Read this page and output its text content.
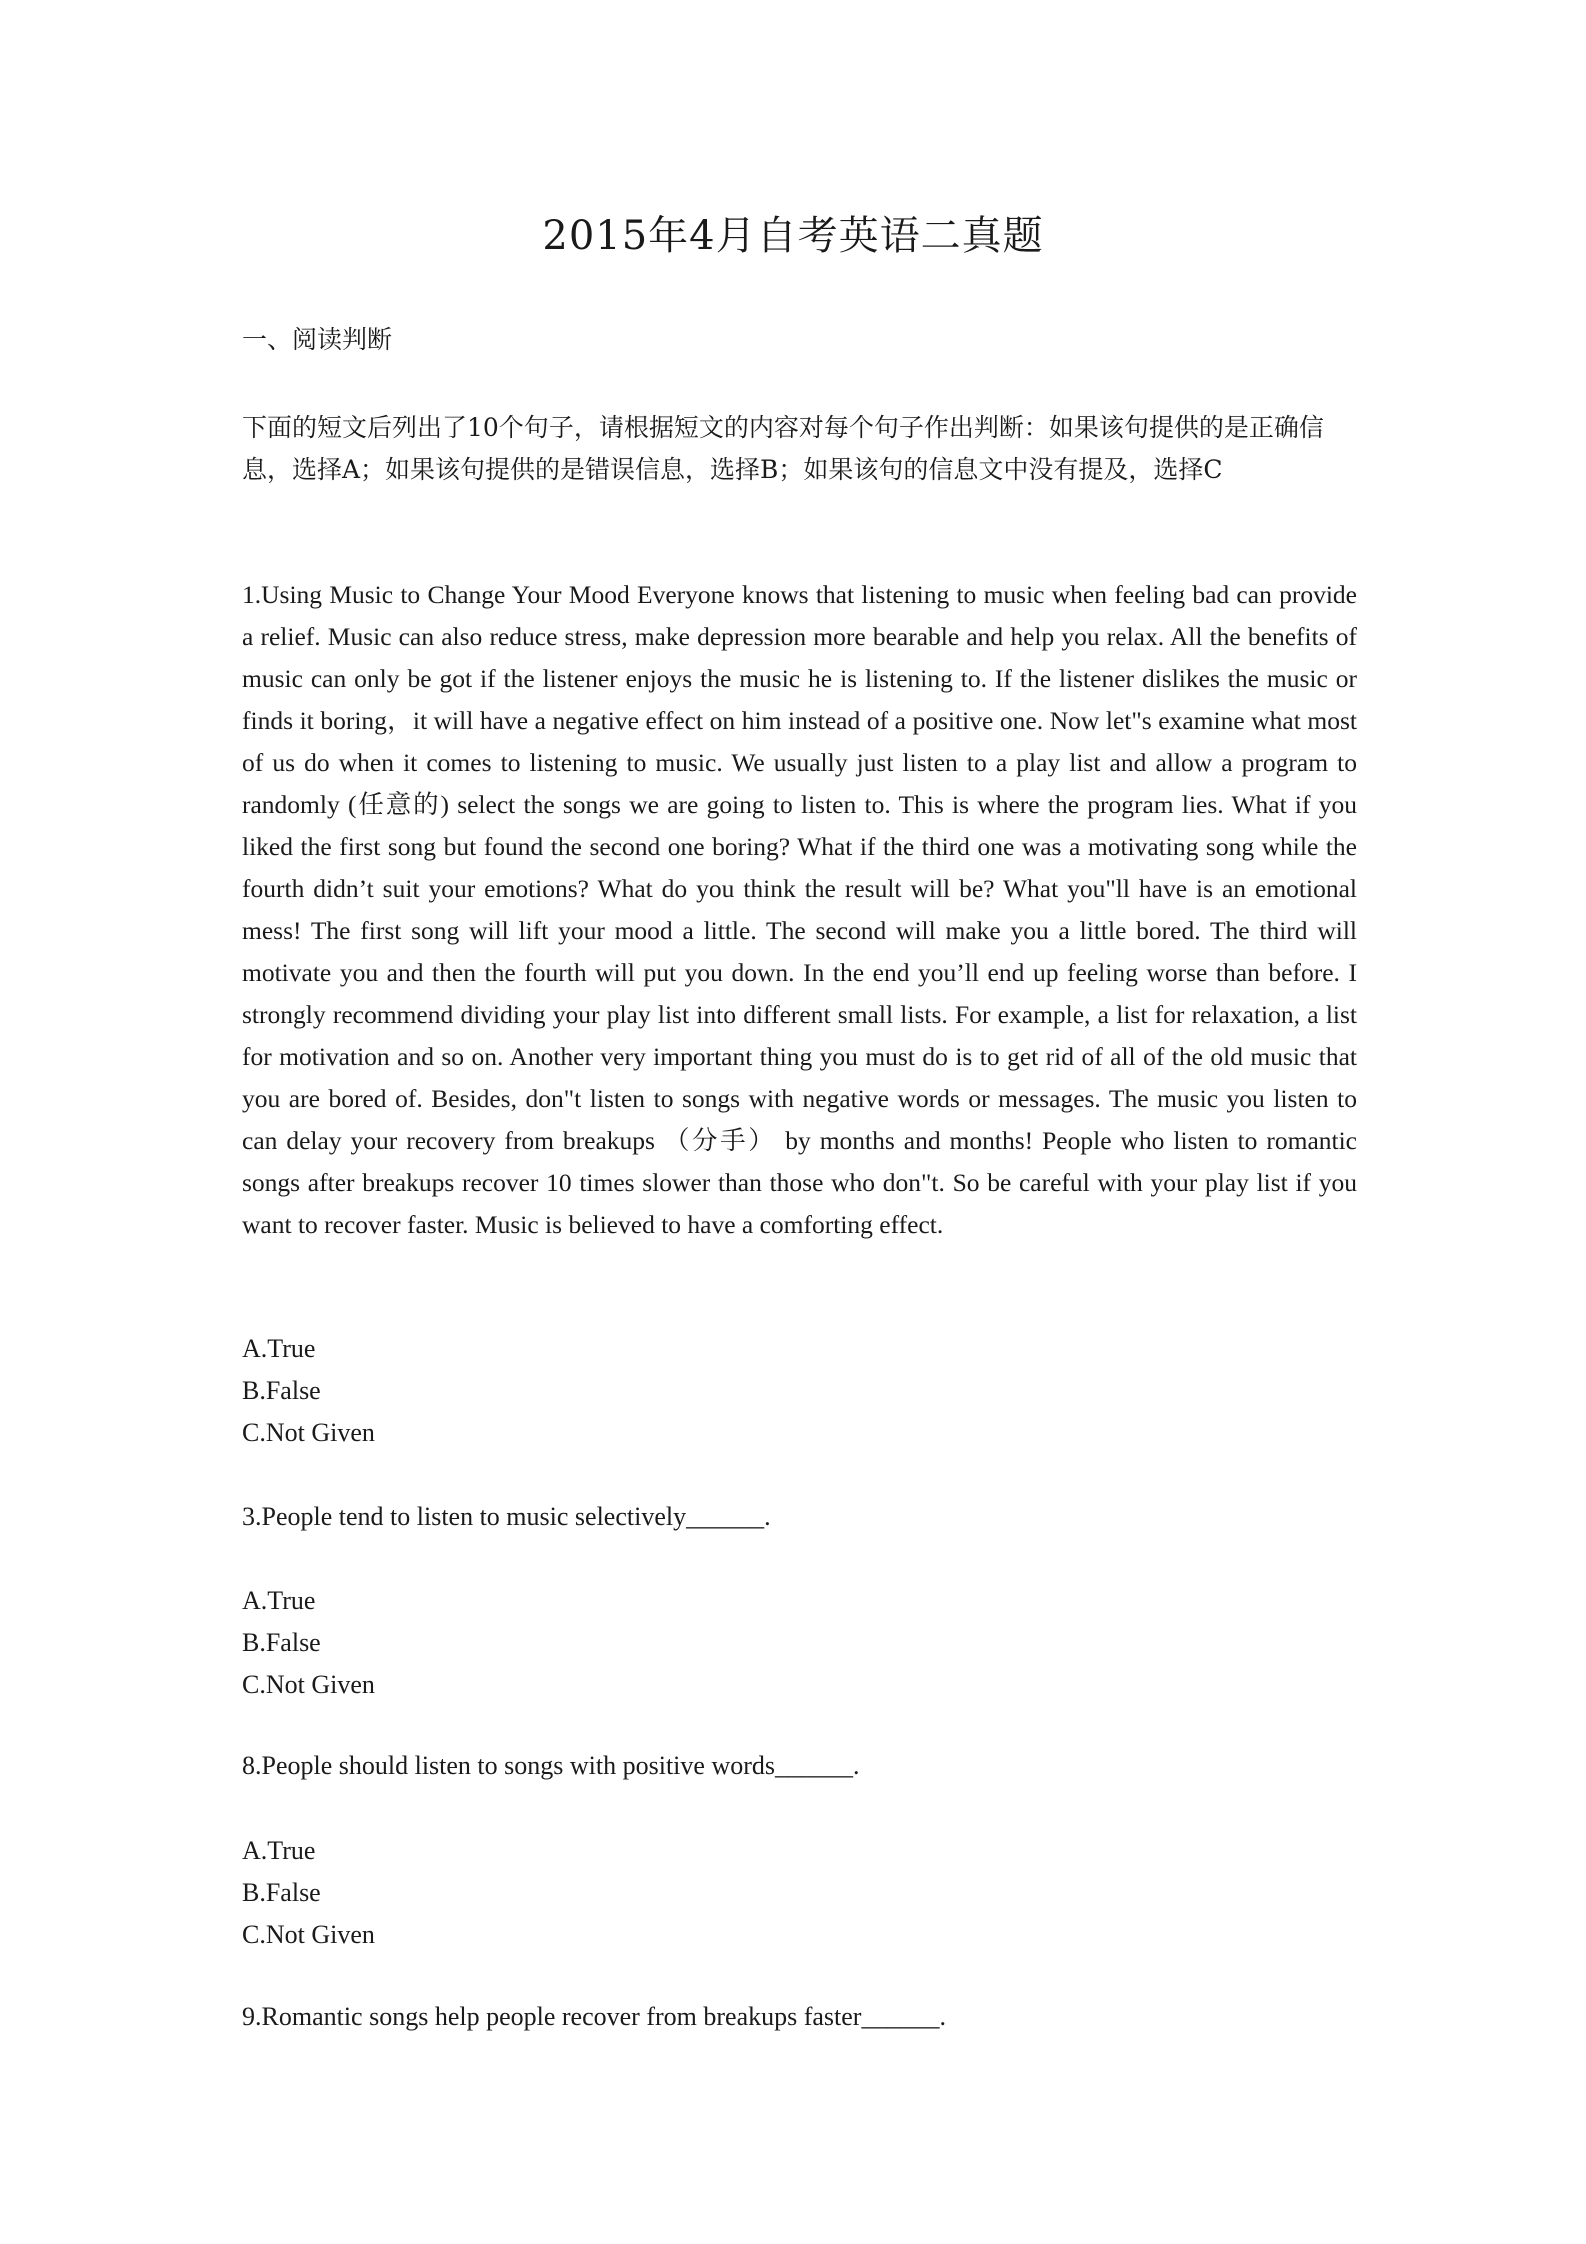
2015年4月自考英语二真题
一、阅读判断
下面的短文后列出了10个句子，请根据短文的内容对每个句子作出判断：如果该句提供的是正确信息，选择A；如果该句提供的是错误信息，选择B；如果该句的信息文中没有提及，选择C
1.Using Music to Change Your Mood Everyone knows that listening to music when feeling bad can provide a relief. Music can also reduce stress, make depression more bearable and help you relax. All the benefits of music can only be got if the listener enjoys the music he is listening to. If the listener dislikes the music or finds it boring，it will have a negative effect on him instead of a positive one. Now let"s examine what most of us do when it comes to listening to music. We usually just listen to a play list and allow a program to randomly (任意的) select the songs we are going to listen to. This is where the program lies. What if you liked the first song but found the second one boring? What if the third one was a motivating song while the fourth didn’t suit your emotions? What do you think the result will be? What you"ll have is an emotional mess! The first song will lift your mood a little. The second will make you a little bored. The third will motivate you and then the fourth will put you down. In the end you’ll end up feeling worse than before. I strongly recommend dividing your play list into different small lists. For example, a list for relaxation, a list for motivation and so on. Another very important thing you must do is to get rid of all of the old music that you are bored of. Besides, don"t listen to songs with negative words or messages. The music you listen to can delay your recovery from breakups （分手） by months and months! People who listen to romantic songs after breakups recover 10 times slower than those who don"t. So be careful with your play list if you want to recover faster. Music is believed to have a comforting effect.
A.True
B.False
C.Not Given
3.People tend to listen to music selectively______.
A.True
B.False
C.Not Given
8.People should listen to songs with positive words______.
A.True
B.False
C.Not Given
9.Romantic songs help people recover from breakups faster______.
